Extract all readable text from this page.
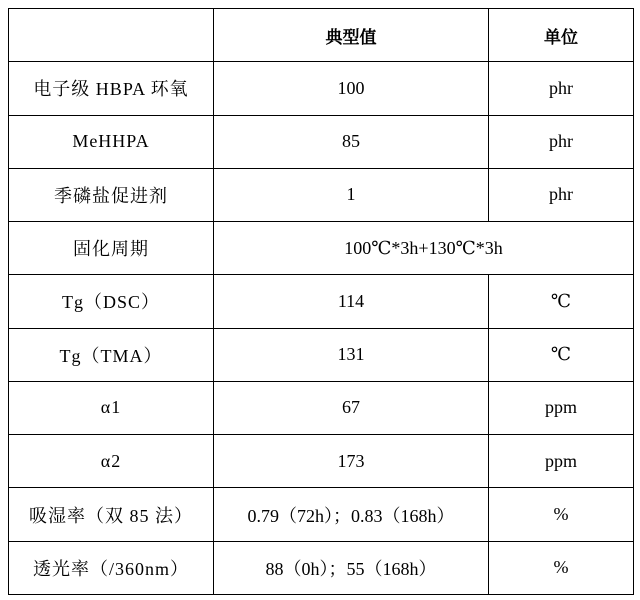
	典型值	单位
电子级 HBPA 环氧	100	phr
MeHHPA	85	phr
季磷盐促进剂	1	phr
固化周期	100℃*3h+130℃*3h	
Tg（DSC）	114	℃
Tg（TMA）	131	℃
α1	67	ppm
α2	173	ppm
吸湿率（双 85 法）	0.79（72h）；0.83（168h）	%
透光率（/360nm）	88（0h）；55（168h）	%
